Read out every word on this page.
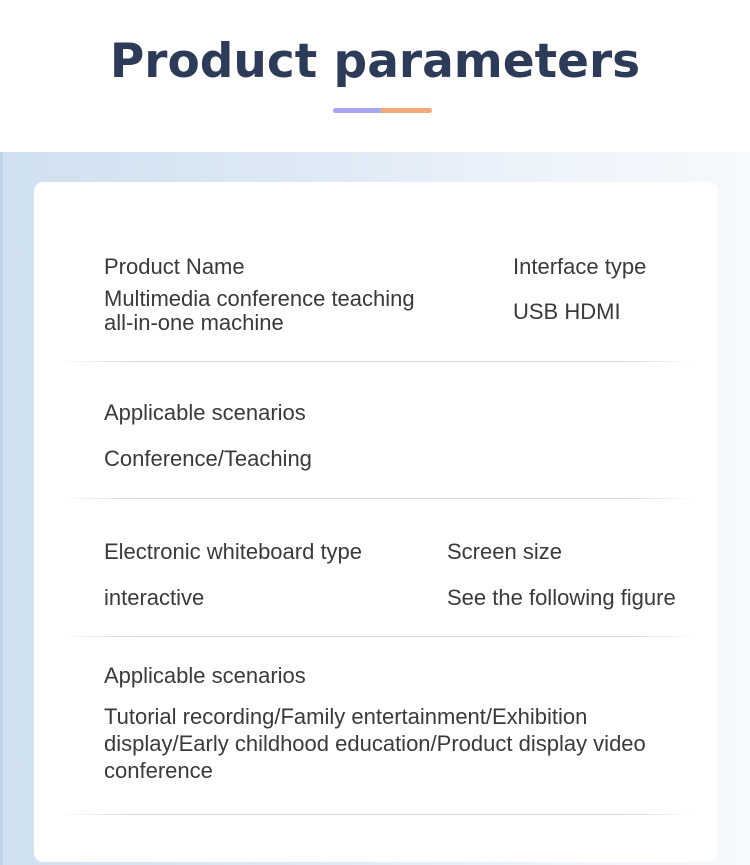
Product parameters
Product Name
Multimedia conference teaching all-in-one machine
Interface type
USB HDMI
Applicable scenarios
Conference/Teaching
Electronic whiteboard type
interactive
Screen size
See the following figure
Applicable scenarios
Tutorial recording/Family entertainment/Exhibition display/Early childhood education/Product display video conference
